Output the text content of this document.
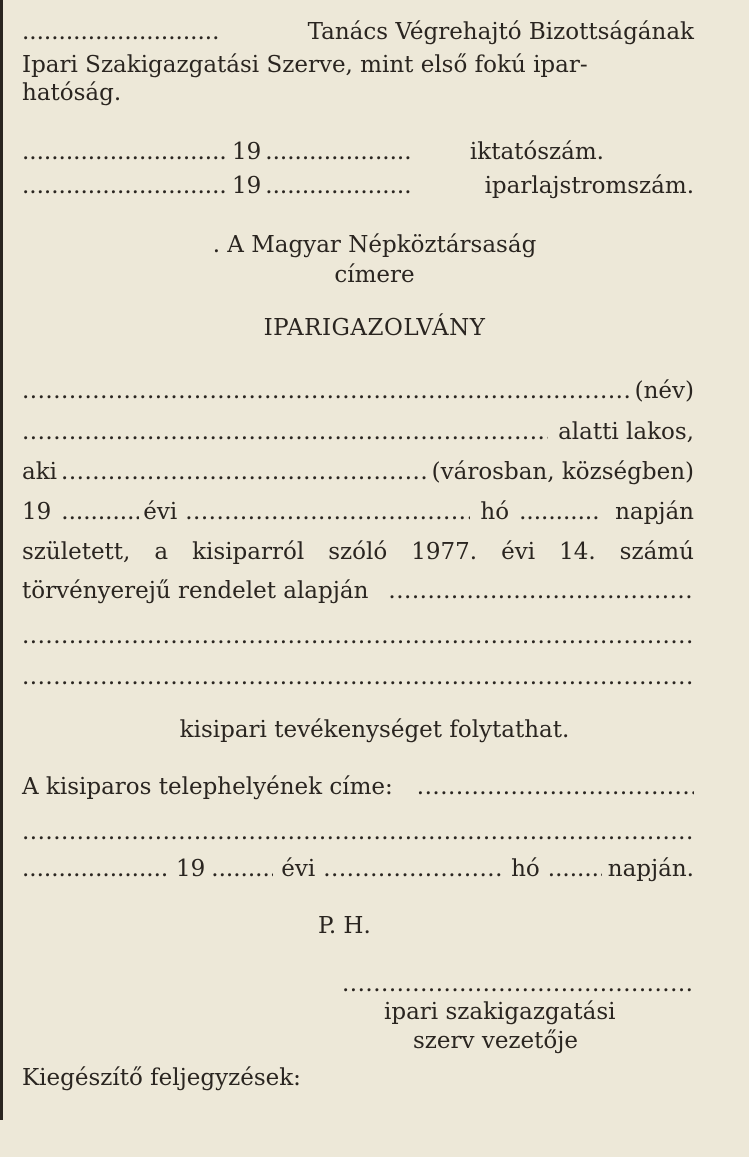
.....
Tanács Végrehajtó Bizottságának
Ipari Szakigazgatási Szerve, mint első fokú ipar-
hatóság.
.....
19 .....	iktatószám.
.....
19 .....	iparlajstromszám.
. A Magyar Népköztársaság
címere
IPARIGAZOLVÁNY
.....
(név)
.....
alatti lakos,
aki .....	(városban, községben)
19 .....	évi .....	hó .....	napján
született, a kisiparról szóló 1977. évi 14. számú
törvényerejű rendelet alapján
.....
.....
.....
kisipari tevékenységet folytathat.
A kisiparos telephelyének címe:
.....
.....
.....
19 .....	évi .....	hó .....	napján.
P. H.
.....
ipari szakigazgatási
szerv vezetője
Kiegészítő feljegyzések:
